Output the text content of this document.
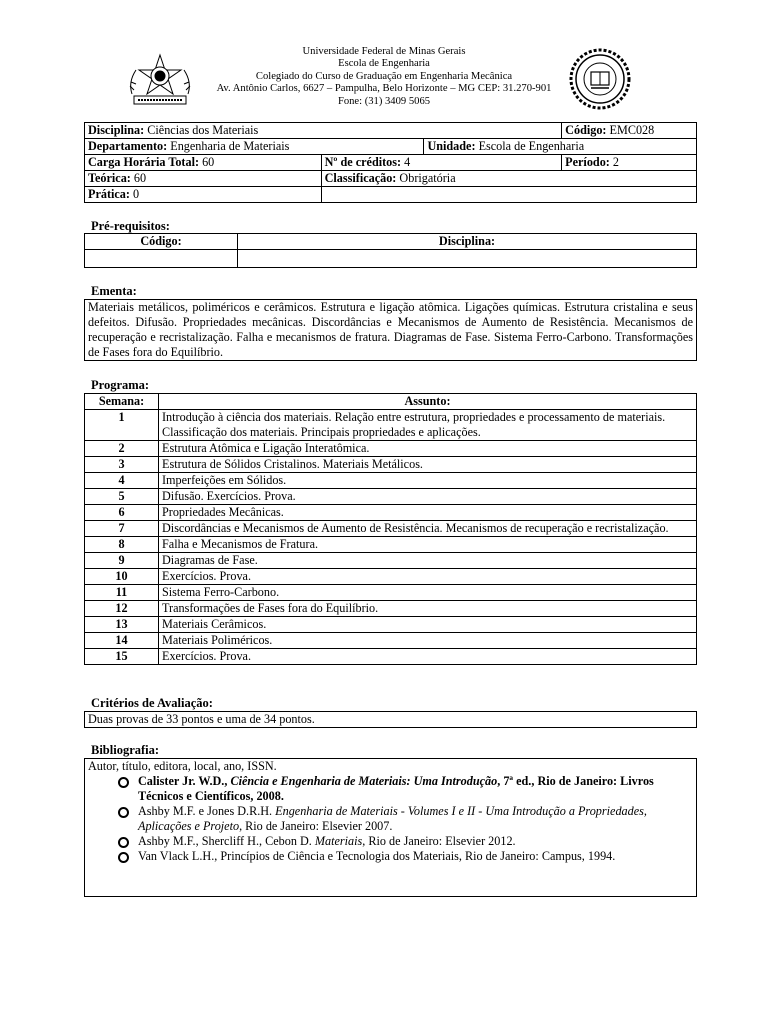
Universidade Federal de Minas Gerais
Escola de Engenharia
Colegiado do Curso de Graduação em Engenharia Mecânica
Av. Antônio Carlos, 6627 – Pampulha, Belo Horizonte – MG CEP: 31.270-901
Fone: (31) 3409 5065
Disciplina: Ciências dos Materiais			Código: EMC028
Departamento: Engenharia de Materiais		Unidade: Escola de Engenharia	
Carga Horária Total: 60	Nº de créditos: 4		Período: 2
Teórica: 60	Classificação: Obrigatória		
Prática: 0			
Pré-requisitos:
Código:	Disciplina:

Ementa:
Materiais metálicos, poliméricos e cerâmicos. Estrutura e ligação atômica. Ligações químicas. Estrutura cristalina e seus defeitos. Difusão. Propriedades mecânicas. Discordâncias e Mecanismos de Aumento de Resistência. Mecanismos de recuperação e recristalização. Falha e mecanismos de fratura. Diagramas de Fase. Sistema Ferro-Carbono. Transformações de Fases fora do Equilíbrio.
Programa:
Semana:	Assunto:
1	Introdução à ciência dos materiais. Relação entre estrutura, propriedades e processamento de materiais. Classificação dos materiais. Principais propriedades e aplicações.
2	Estrutura Atômica e Ligação Interatômica.
3	Estrutura de Sólidos Cristalinos. Materiais Metálicos.
4	Imperfeições em Sólidos.
5	Difusão. Exercícios. Prova.
6	Propriedades Mecânicas.
7	Discordâncias e Mecanismos de Aumento de Resistência. Mecanismos de recuperação e recristalização.
8	Falha e Mecanismos de Fratura.
9	Diagramas de Fase.
10	Exercícios. Prova.
11	Sistema Ferro-Carbono.
12	Transformações de Fases fora do Equilíbrio.
13	Materiais Cerâmicos.
14	Materiais Poliméricos.
15	Exercícios. Prova.
Critérios de Avaliação:
Duas provas de 33 pontos e uma de 34 pontos.
Bibliografia:
Autor, título, editora, local, ano, ISSN.
Calister Jr. W.D., Ciência e Engenharia de Materiais: Uma Introdução, 7ª ed., Rio de Janeiro: Livros Técnicos e Científicos, 2008.
Ashby M.F. e Jones D.R.H. Engenharia de Materiais - Volumes I e II - Uma Introdução a Propriedades, Aplicações e Projeto, Rio de Janeiro: Elsevier 2007.
Ashby M.F., Shercliff H., Cebon D. Materiais, Rio de Janeiro: Elsevier 2012.
Van Vlack L.H., Princípios de Ciência e Tecnologia dos Materiais, Rio de Janeiro: Campus, 1994.
